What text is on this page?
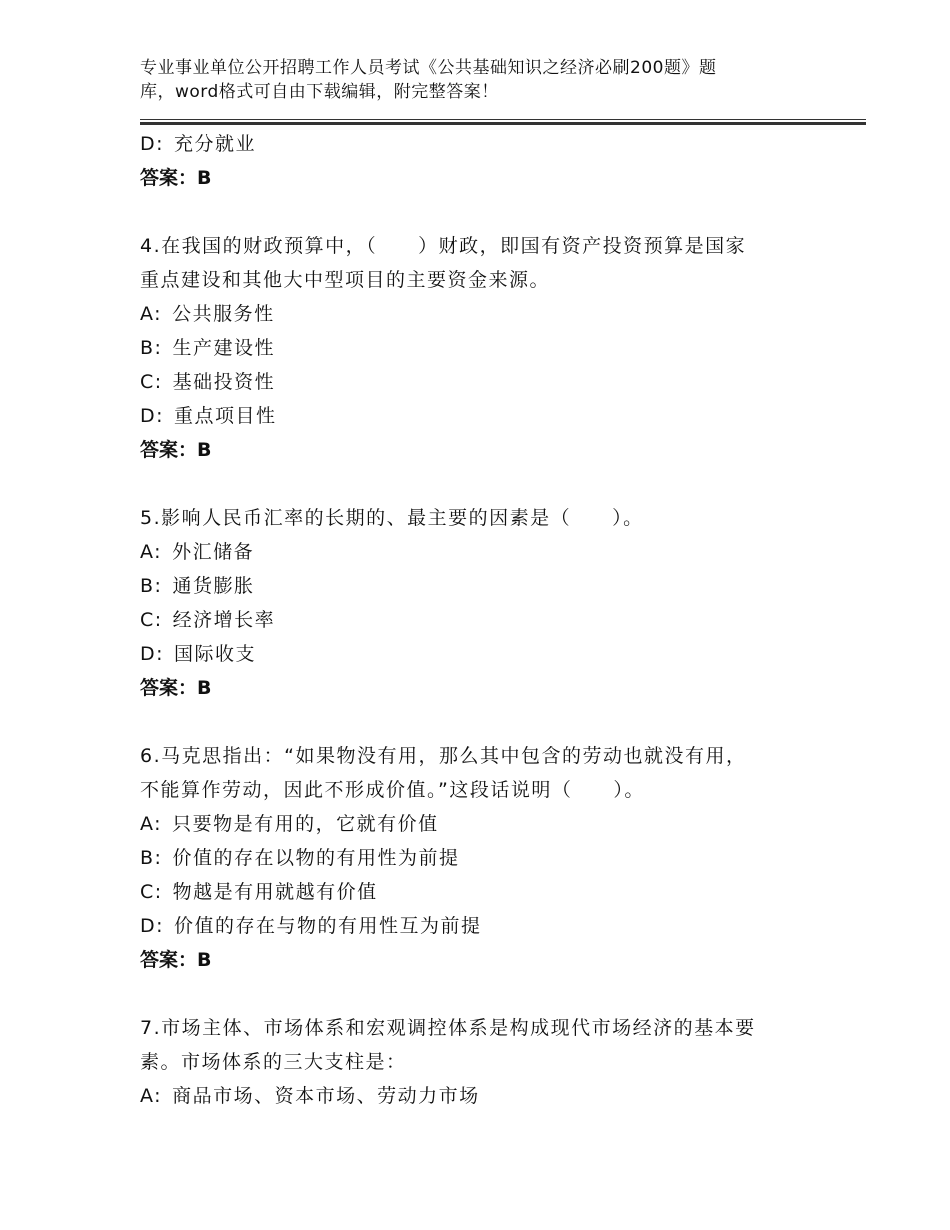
专业事业单位公开招聘工作人员考试《公共基础知识之经济必刷200题》题
库，word格式可自由下载编辑，附完整答案！
D: 充分就业
答案：B
4.在我国的财政预算中，（　　）财政，即国有资产投资预算是国家
重点建设和其他大中型项目的主要资金来源。
A: 公共服务性
B: 生产建设性
C: 基础投资性
D: 重点项目性
答案：B
5.影响人民币汇率的长期的、最主要的因素是（　　）。
A: 外汇储备
B: 通货膨胀
C: 经济增长率
D: 国际收支
答案：B
6.马克思指出：“如果物没有用，那么其中包含的劳动也就没有用，
不能算作劳动，因此不形成价值。”这段话说明（　　）。
A: 只要物是有用的，它就有价值
B: 价值的存在以物的有用性为前提
C: 物越是有用就越有价值
D: 价值的存在与物的有用性互为前提
答案：B
7.市场主体、市场体系和宏观调控体系是构成现代市场经济的基本要
素。市场体系的三大支柱是：
A: 商品市场、资本市场、劳动力市场
